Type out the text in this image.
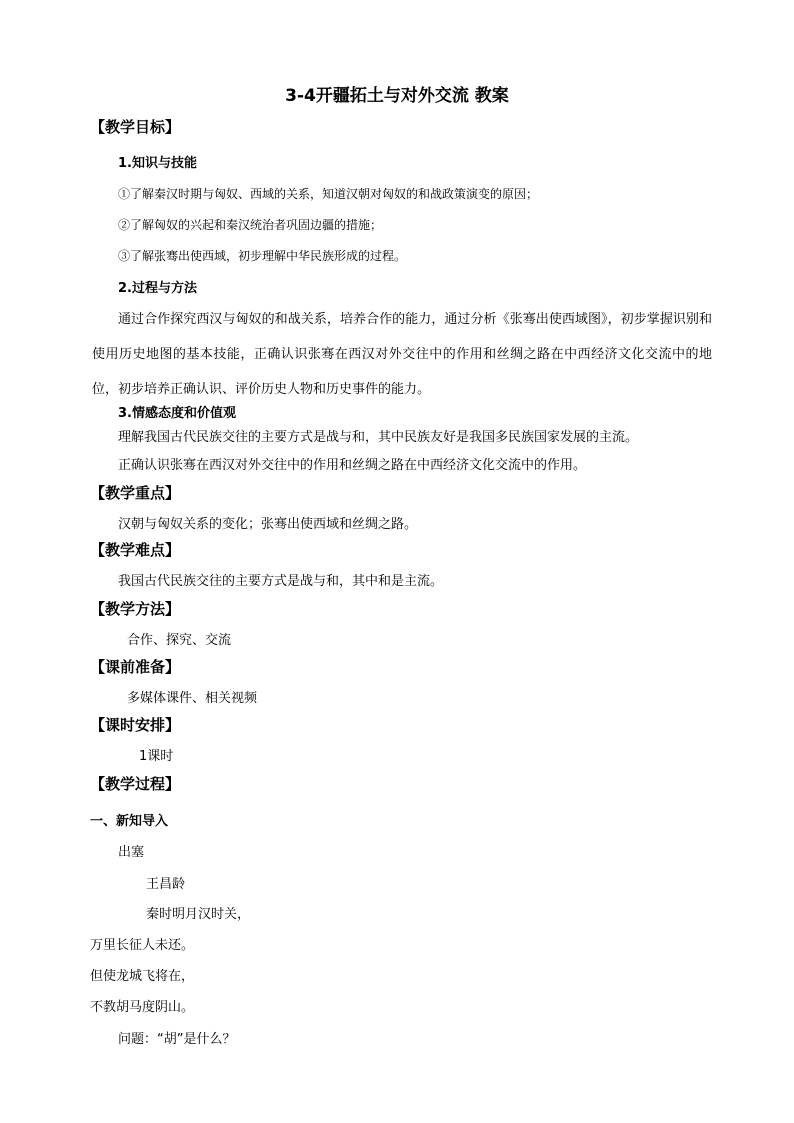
3-4开疆拓土与对外交流 教案
【教学目标】
1.知识与技能
①了解秦汉时期与匈奴、西域的关系，知道汉朝对匈奴的和战政策演变的原因；
②了解匈奴的兴起和秦汉统治者巩固边疆的措施；
③了解张骞出使西域，初步理解中华民族形成的过程。
2.过程与方法
通过合作探究西汉与匈奴的和战关系，培养合作的能力，通过分析《张骞出使西域图》，初步掌握识别和使用历史地图的基本技能，正确认识张骞在西汉对外交往中的作用和丝绸之路在中西经济文化交流中的地位，初步培养正确认识、评价历史人物和历史事件的能力。
3.情感态度和价值观
理解我国古代民族交往的主要方式是战与和，其中民族友好是我国多民族国家发展的主流。
正确认识张骞在西汉对外交往中的作用和丝绸之路在中西经济文化交流中的作用。
【教学重点】
汉朝与匈奴关系的变化；张骞出使西域和丝绸之路。
【教学难点】
我国古代民族交往的主要方式是战与和，其中和是主流。
【教学方法】
合作、探究、交流
【课前准备】
多媒体课件、相关视频
【课时安排】
1课时
【教学过程】
一、新知导入
出塞
王昌龄
秦时明月汉时关，
万里长征人未还。
但使龙城飞将在，
不教胡马度阴山。
问题：“胡”是什么？
